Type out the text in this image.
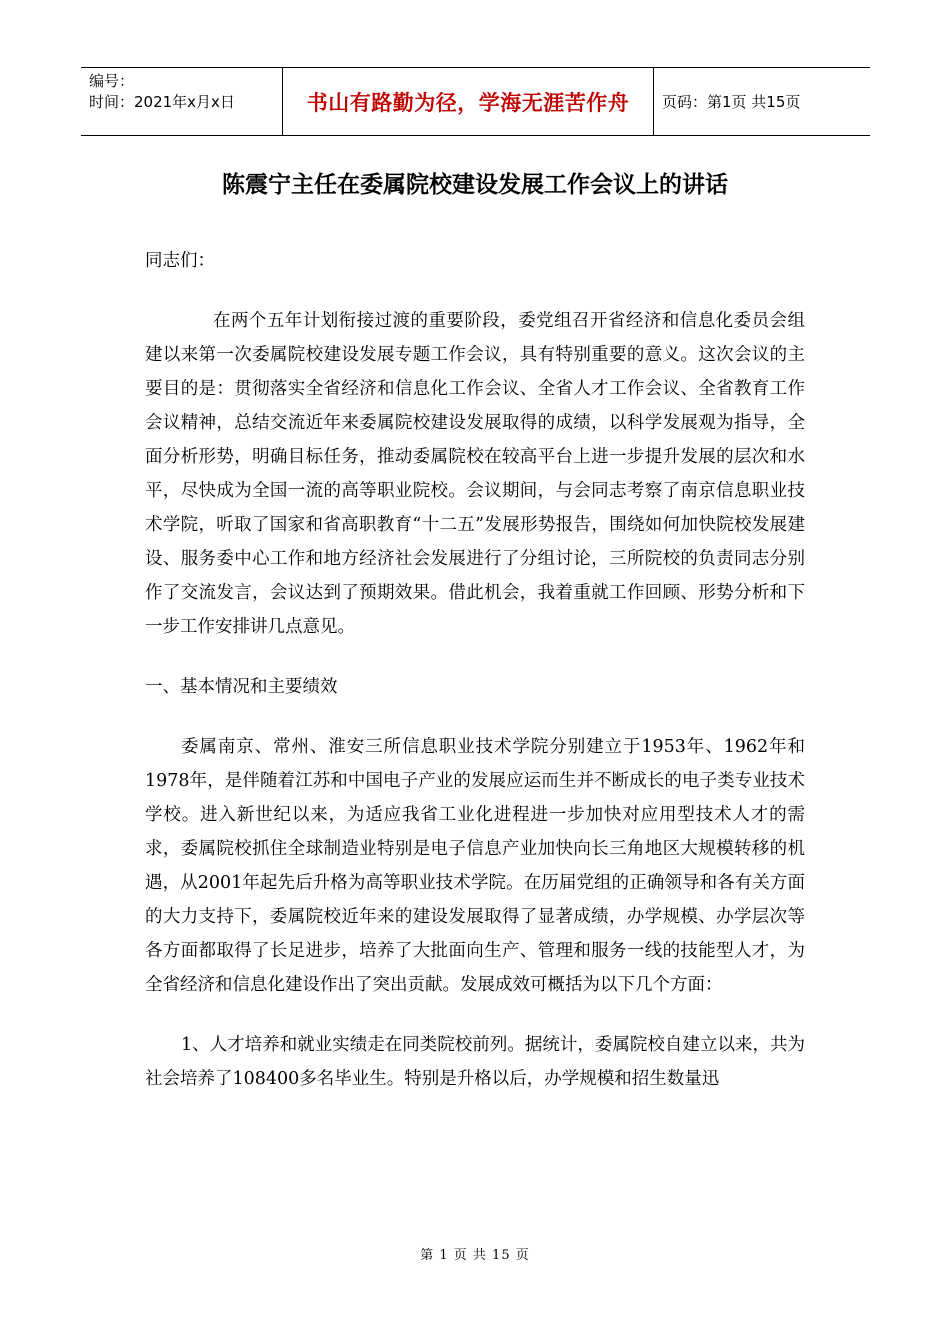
编号：
时间：2021年x月x日	书山有路勤为径，学海无涯苦作舟	页码：第1页 共15页
陈震宁主任在委属院校建设发展工作会议上的讲话

同志们：

在两个五年计划衔接过渡的重要阶段，委党组召开省经济和信息化委员会组建以来第一次委属院校建设发展专题工作会议，具有特别重要的意义。这次会议的主要目的是：贯彻落实全省经济和信息化工作会议、全省人才工作会议、全省教育工作会议精神，总结交流近年来委属院校建设发展取得的成绩，以科学发展观为指导，全面分析形势，明确目标任务，推动委属院校在较高平台上进一步提升发展的层次和水平，尽快成为全国一流的高等职业院校。会议期间，与会同志考察了南京信息职业技术学院，听取了国家和省高职教育“十二五”发展形势报告，围绕如何加快院校发展建设、服务委中心工作和地方经济社会发展进行了分组讨论，三所院校的负责同志分别作了交流发言，会议达到了预期效果。借此机会，我着重就工作回顾、形势分析和下一步工作安排讲几点意见。

一、基本情况和主要绩效

委属南京、常州、淮安三所信息职业技术学院分别建立于1953年、1962年和1978年，是伴随着江苏和中国电子产业的发展应运而生并不断成长的电子类专业技术学校。进入新世纪以来，为适应我省工业化进程进一步加快对应用型技术人才的需求，委属院校抓住全球制造业特别是电子信息产业加快向长三角地区大规模转移的机遇，从2001年起先后升格为高等职业技术学院。在历届党组的正确领导和各有关方面的大力支持下，委属院校近年来的建设发展取得了显著成绩，办学规模、办学层次等各方面都取得了长足进步，培养了大批面向生产、管理和服务一线的技能型人才，为全省经济和信息化建设作出了突出贡献。发展成效可概括为以下几个方面：

1、人才培养和就业实绩走在同类院校前列。据统计，委属院校自建立以来，共为社会培养了108400多名毕业生。特别是升格以后，办学规模和招生数量迅

第 1 页 共 15 页
